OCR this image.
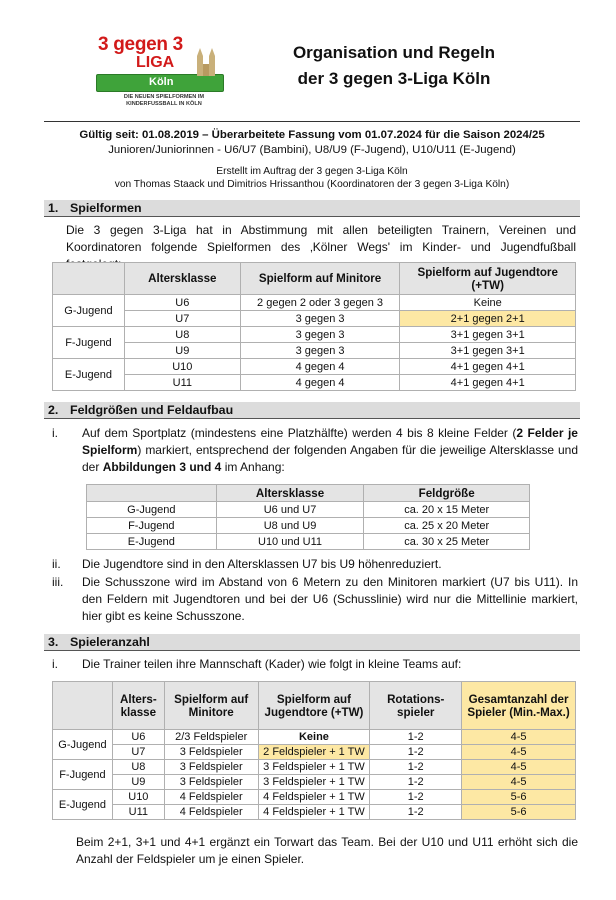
3 gegen 3
LIGA
Köln
DIE NEUEN SPIELFORMEN IM KINDERFUSSBALL IN KÖLN
Organisation und Regeln
der 3 gegen 3-Liga Köln
Gültig seit: 01.08.2019 – Überarbeitete Fassung vom 01.07.2024 für die Saison 2024/25
Junioren/Juniorinnen - U6/U7 (Bambini), U8/U9 (F-Jugend), U10/U11 (E-Jugend)
Erstellt im Auftrag der 3 gegen 3-Liga Köln
von Thomas Staack und Dimitrios Hrissanthou (Koordinatoren der 3 gegen 3-Liga Köln)
1. Spielformen
Die 3 gegen 3-Liga hat in Abstimmung mit allen beteiligten Trainern, Vereinen und Koordinatoren folgende Spielformen des ‚Kölner Wegs' im Kinder- und Jugendfußball
	Altersklasse	Spielform auf Minitore	Spielform auf Jugendtore (+TW)
G-Jugend	U6	2 gegen 2 oder 3 gegen 3	Keine
	U7	3 gegen 3	2+1 gegen 2+1
F-Jugend	U8	3 gegen 3	3+1 gegen 3+1
	U9	3 gegen 3	3+1 gegen 3+1
E-Jugend	U10	4 gegen 4	4+1 gegen 4+1
	U11	4 gegen 4	4+1 gegen 4+1
2. Feldgrößen und Feldaufbau
i. Auf dem Sportplatz (mindestens eine Platzhälfte) werden 4 bis 8 kleine Felder (2 Felder je Spielform) markiert, entsprechend der folgenden Angaben für die jeweilige Altersklasse und der Abbildungen 3 und 4 im Anhang:
	Altersklasse	Feldgröße
G-Jugend	U6 und U7	ca. 20 x 15 Meter
F-Jugend	U8 und U9	ca. 25 x 20 Meter
E-Jugend	U10 und U11	ca. 30 x 25 Meter
ii. Die Jugendtore sind in den Altersklassen U7 bis U9 höhenreduziert.
iii. Die Schusszone wird im Abstand von 6 Metern zu den Minitoren markiert (U7 bis U11). In den Feldern mit Jugendtoren und bei der U6 (Schusslinie) wird nur die Mittellinie markiert, hier gibt es keine Schusszone.
3. Spieleranzahl
i. Die Trainer teilen ihre Mannschaft (Kader) wie folgt in kleine Teams auf:
	Alters-klasse	Spielform auf Minitore	Spielform auf Jugendtore (+TW)	Rotations-spieler	Gesamtanzahl der Spieler (Min.-Max.)
G-Jugend	U6	2/3 Feldspieler	Keine	1-2	4-5
	U7	3 Feldspieler	2 Feldspieler + 1 TW	1-2	4-5
F-Jugend	U8	3 Feldspieler	3 Feldspieler + 1 TW	1-2	4-5
	U9	3 Feldspieler	3 Feldspieler + 1 TW	1-2	4-5
E-Jugend	U10	4 Feldspieler	4 Feldspieler + 1 TW	1-2	5-6
	U11	4 Feldspieler	4 Feldspieler + 1 TW	1-2	5-6
Beim 2+1, 3+1 und 4+1 ergänzt ein Torwart das Team. Bei der U10 und U11 erhöht sich die Anzahl der Feldspieler um je einen Spieler.
